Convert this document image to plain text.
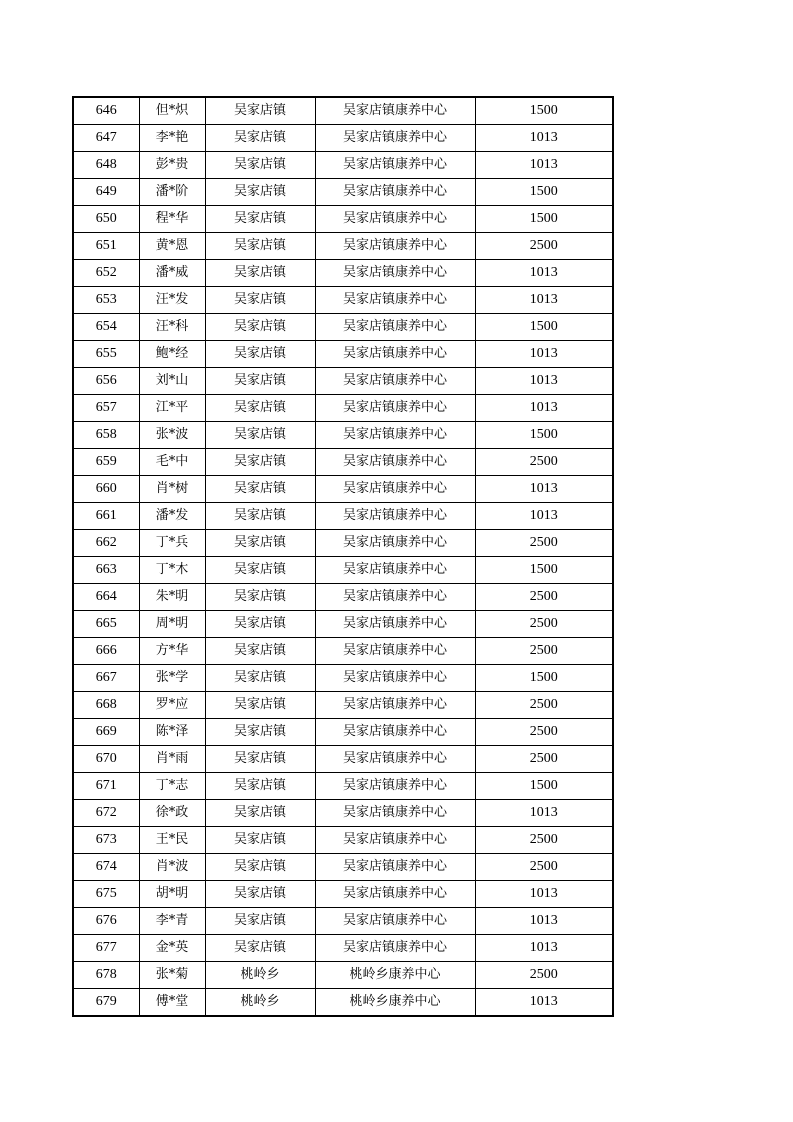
646	但*炽	吴家店镇	吴家店镇康养中心	1500
647	李*艳	吴家店镇	吴家店镇康养中心	1013
648	彭*贵	吴家店镇	吴家店镇康养中心	1013
649	潘*阶	吴家店镇	吴家店镇康养中心	1500
650	程*华	吴家店镇	吴家店镇康养中心	1500
651	黄*恩	吴家店镇	吴家店镇康养中心	2500
652	潘*威	吴家店镇	吴家店镇康养中心	1013
653	汪*发	吴家店镇	吴家店镇康养中心	1013
654	汪*科	吴家店镇	吴家店镇康养中心	1500
655	鲍*经	吴家店镇	吴家店镇康养中心	1013
656	刘*山	吴家店镇	吴家店镇康养中心	1013
657	江*平	吴家店镇	吴家店镇康养中心	1013
658	张*波	吴家店镇	吴家店镇康养中心	1500
659	毛*中	吴家店镇	吴家店镇康养中心	2500
660	肖*树	吴家店镇	吴家店镇康养中心	1013
661	潘*发	吴家店镇	吴家店镇康养中心	1013
662	丁*兵	吴家店镇	吴家店镇康养中心	2500
663	丁*木	吴家店镇	吴家店镇康养中心	1500
664	朱*明	吴家店镇	吴家店镇康养中心	2500
665	周*明	吴家店镇	吴家店镇康养中心	2500
666	方*华	吴家店镇	吴家店镇康养中心	2500
667	张*学	吴家店镇	吴家店镇康养中心	1500
668	罗*应	吴家店镇	吴家店镇康养中心	2500
669	陈*泽	吴家店镇	吴家店镇康养中心	2500
670	肖*雨	吴家店镇	吴家店镇康养中心	2500
671	丁*志	吴家店镇	吴家店镇康养中心	1500
672	徐*政	吴家店镇	吴家店镇康养中心	1013
673	王*民	吴家店镇	吴家店镇康养中心	2500
674	肖*波	吴家店镇	吴家店镇康养中心	2500
675	胡*明	吴家店镇	吴家店镇康养中心	1013
676	李*青	吴家店镇	吴家店镇康养中心	1013
677	金*英	吴家店镇	吴家店镇康养中心	1013
678	张*菊	桃岭乡	桃岭乡康养中心	2500
679	傅*堂	桃岭乡	桃岭乡康养中心	1013
